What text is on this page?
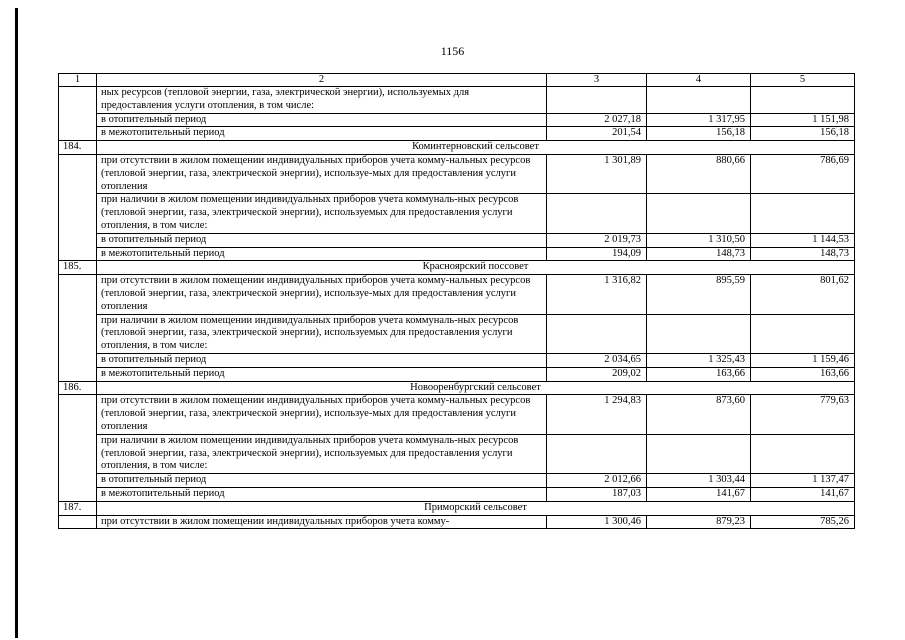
1156
1	2	3	4	5
	ных ресурсов (тепловой энергии, газа, электрической энергии), используемых для предоставления услуги отопления, в том числе:			
	в отопительный период	2 027,18	1 317,95	1 151,98
	в межотопительный период	201,54	156,18	156,18
184.	Коминтерновский сельсовет			
	при отсутствии в жилом помещении индивидуальных приборов учета комму-нальных ресурсов (тепловой энергии, газа, электрической энергии), используе-мых для предоставления услуги отопления	1 301,89	880,66	786,69
	при наличии в жилом помещении индивидуальных приборов учета коммуналь-ных ресурсов (тепловой энергии, газа, электрической энергии), используемых для предоставления услуги отопления, в том числе:			
	в отопительный период	2 019,73	1 310,50	1 144,53
	в межотопительный период	194,09	148,73	148,73
185.	Красноярский поссовет			
	при отсутствии в жилом помещении индивидуальных приборов учета комму-нальных ресурсов (тепловой энергии, газа, электрической энергии), используе-мых для предоставления услуги отопления	1 316,82	895,59	801,62
	при наличии в жилом помещении индивидуальных приборов учета коммуналь-ных ресурсов (тепловой энергии, газа, электрической энергии), используемых для предоставления услуги отопления, в том числе:			
	в отопительный период	2 034,65	1 325,43	1 159,46
	в межотопительный период	209,02	163,66	163,66
186.	Новооренбургский сельсовет			
	при отсутствии в жилом помещении индивидуальных приборов учета комму-нальных ресурсов (тепловой энергии, газа, электрической энергии), используе-мых для предоставления услуги отопления	1 294,83	873,60	779,63
	при наличии в жилом помещении индивидуальных приборов учета коммуналь-ных ресурсов (тепловой энергии, газа, электрической энергии), используемых для предоставления услуги отопления, в том числе:			
	в отопительный период	2 012,66	1 303,44	1 137,47
	в межотопительный период	187,03	141,67	141,67
187.	Приморский сельсовет			
	при отсутствии в жилом помещении индивидуальных приборов учета комму-	1 300,46	879,23	785,26
